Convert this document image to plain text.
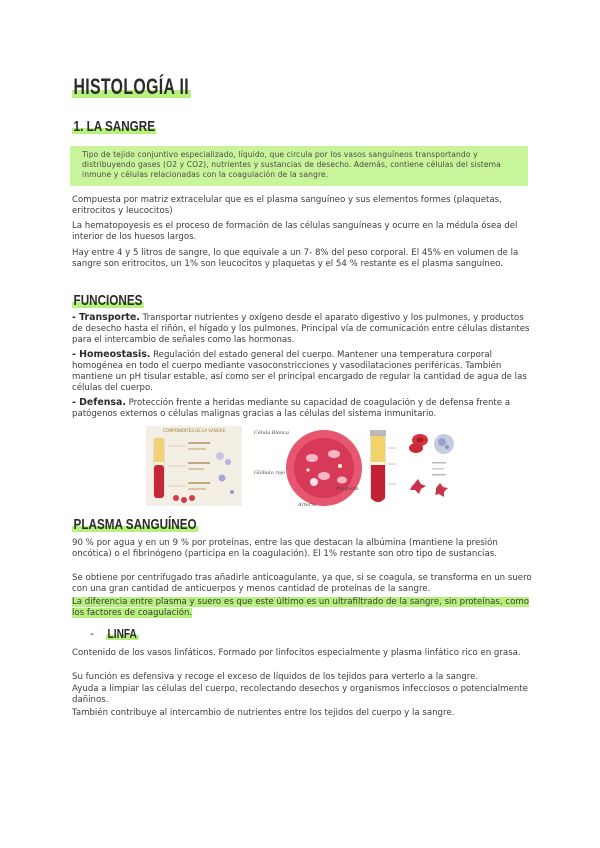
HISTOLOGÍA II
1. LA SANGRE
Tipo de tejido conjuntivo especializado, líquido, que circula por los vasos sanguíneos transportando y distribuyendo gases (O2 y CO2), nutrientes y sustancias de desecho. Además, contiene células del sistema inmune y células relacionadas con la coagulación de la sangre.
Compuesta por matriz extracelular que es el plasma sanguíneo y sus elementos formes (plaquetas, eritrocitos y leucocitos)
La hematopoyesis es el proceso de formación de las células sanguíneas y ocurre en la médula ósea del interior de los huesos largos.
Hay entre 4 y 5 litros de sangre, lo que equivale a un 7- 8% del peso corporal. El 45% en volumen de la sangre son eritrocitos, un 1% son leucocitos y plaquetas y el 54 % restante es el plasma sanguíneo.
FUNCIONES
- Transporte. Transportar nutrientes y oxígeno desde el aparato digestivo y los pulmones, y productos de desecho hasta el riñón, el hígado y los pulmones. Principal vía de comunicación entre células distantes para el intercambio de señales como las hormonas.
- Homeostasis. Regulación del estado general del cuerpo. Mantener una temperatura corporal homogénea en todo el cuerpo mediante vasoconstricciones y vasodilataciones periféricas. También mantiene un pH tisular estable, así como ser el principal encargado de regular la cantidad de agua de las células del cuerpo.
- Defensa. Protección frente a heridas mediante su capacidad de coagulación y de defensa frente a patógenos externos o células malignas gracias a las células del sistema inmunitario.
COMPONENTES DE LA SANGRE	Célula Blanca
Glóbulo rojo
Plaqueta
Arteria
PLASMA SANGUÍNEO
90 % por agua y en un 9 % por proteínas, entre las que destacan la albúmina (mantiene la presión oncótica) o el fibrinógeno (participa en la coagulación). El 1% restante son otro tipo de sustancias.
Se obtiene por centrifugado tras añadirle anticoagulante, ya que, si se coagula, se transforma en un suero con una gran cantidad de anticuerpos y menos cantidad de proteínas de la sangre.
La diferencia entre plasma y suero es que este último es un ultrafiltrado de la sangre, sin proteínas, como los factores de coagulación.
- LINFA
Contenido de los vasos linfáticos. Formado por linfocitos especialmente y plasma linfático rico en grasa.
Su función es defensiva y recoge el exceso de líquidos de los tejidos para verterlo a la sangre.
Ayuda a limpiar las células del cuerpo, recolectando desechos y organismos infecciosos o potencialmente dañinos.
También contribuye al intercambio de nutrientes entre los tejidos del cuerpo y la sangre.
